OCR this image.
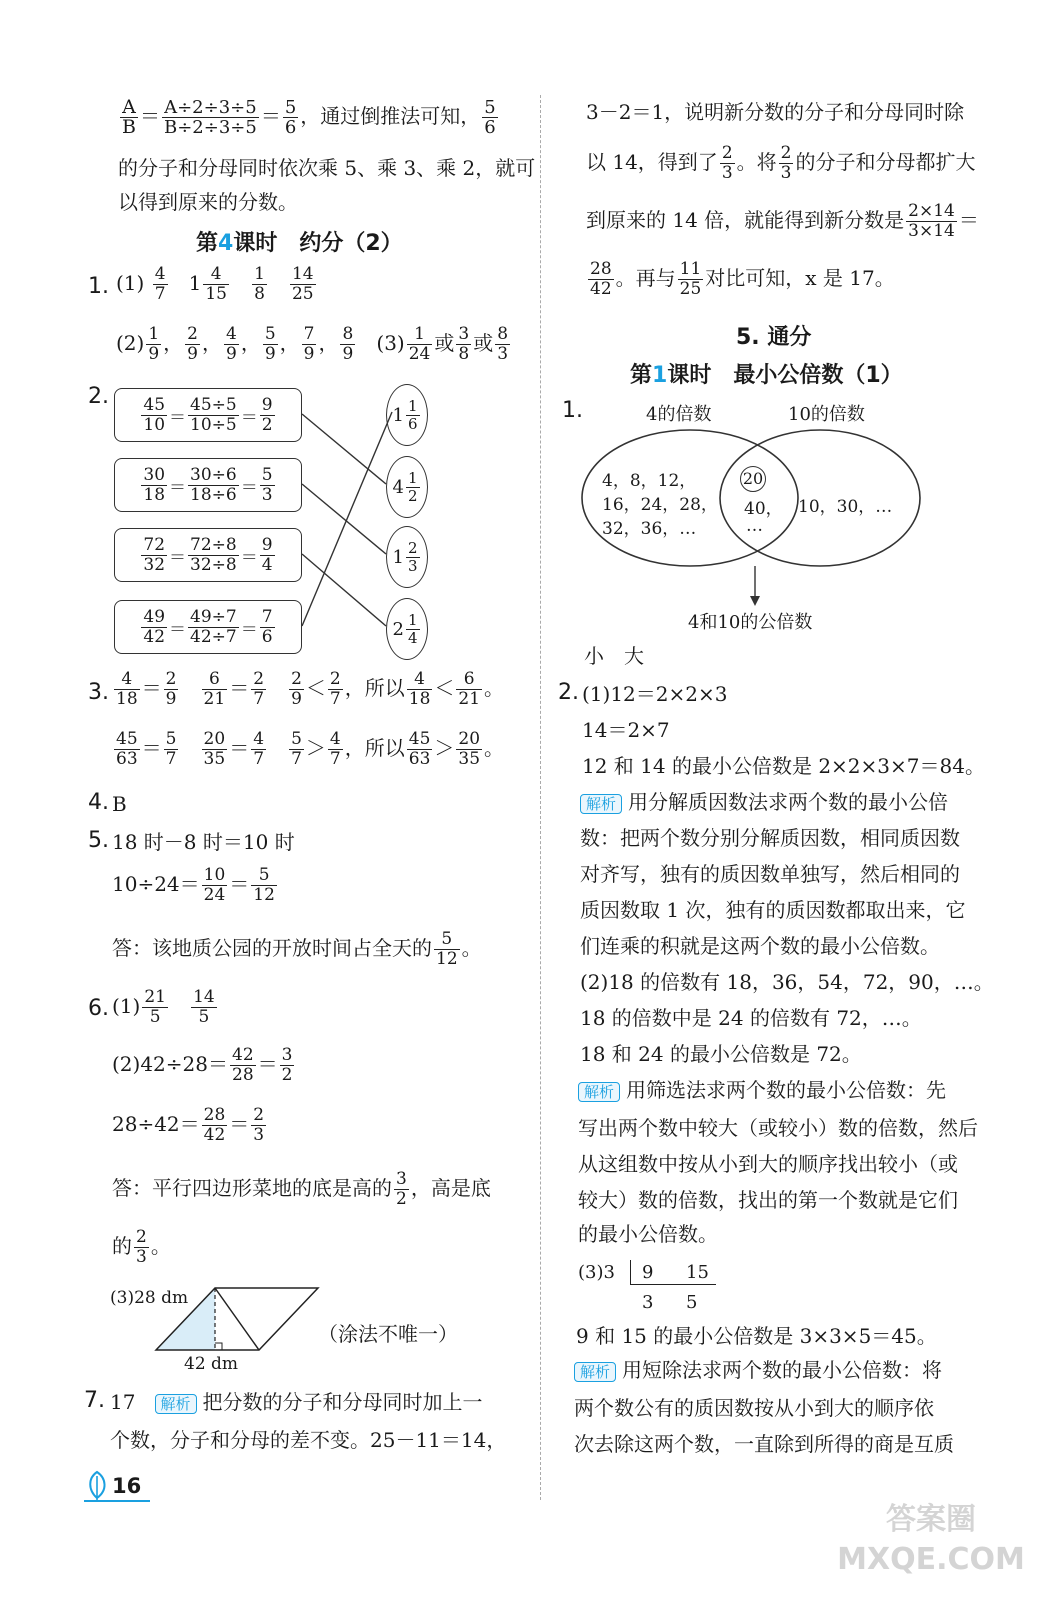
$\frac{A}{B} = \frac{A\div 2\div 3\div 5}{B\div 2\div 3\div 5} = \frac{5}{6}$ ，通过倒推法可知， $\frac{5}{6}$
的分子和分母同时依次乘 5、乘 3、乘 2，就可
以得到原来的分数。
第4课时　约分（2）
1. $(1) \frac{4}{7} 1 \frac{4}{15}$
$\frac{1}{8}$
$\frac{14}{25}$
$(2) \frac{1}{9}$ ， $\frac{2}{9}$ ， $\frac{4}{9}$ ， $\frac{5}{9}$ ， $\frac{7}{9}$ ， $\frac{8}{9} (3) \frac{1}{24}$ 或 $\frac{3}{8}$ 或 $\frac{8}{3}$
2. 45
10 ＝
45÷5
10÷5 ＝
9
2
30
18 ＝
30÷6
18÷6 ＝
5
3
72
32 ＝
72÷8
32÷8 ＝
9
4
49
42 ＝
49÷7
42÷7 ＝
7
6
1 1
6
4 1
2
1 2
3
2 1
4
3. $\frac{4}{18} = \frac{2}{9}$
$\frac{6}{21} = \frac{2}{7}$
$\frac{2}{9} < \frac{2}{7}$ ，所以 $\frac{4}{18} < \frac{6}{21}$ 。
$\frac{45}{63} = \frac{5}{7}$
$\frac{20}{35} = \frac{4}{7}$
$\frac{5}{7} > \frac{4}{7}$ ，所以 $\frac{45}{63} > \frac{20}{35}$ 。
4. B
5. 18 时－8 时＝10 时
$10\div 24= \frac{10}{24} = \frac{5}{12}$
答：该地质公园的开放时间占全天的 $\frac{5}{12}$ 。
6. $(1) \frac{21}{5}$
$\frac{14}{5}$
$(2)42\div 28= \frac{42}{28} = \frac{3}{2}$
$28\div 42= \frac{28}{42} = \frac{2}{3}$
答：平行四边形菜地的底是高的 $\frac{3}{2}$ ，高是底
的 $\frac{2}{3}$ 。
(3)28 dm
42 dm
（涂法不唯一）
7. 17 解析 把分数的分子和分母同时加上一
个数，分子和分母的差不变。25－11＝14，
16
3－2＝1，说明新分数的分子和分母同时除
以 14，得到了 $\frac{2}{3}$ 。将 $\frac{2}{3}$ 的分子和分母都扩大
到原来的 14 倍，就能得到新分数是 $\frac{2\times 14}{3\times 14}$ ＝
$\frac{28}{42}$ 。再与 $\frac{11}{25}$ 对比可知，x 是 17。
5. 通分
第1课时　最小公倍数（1）
1.	4的倍数	10的倍数
4，8，12，
16，24，28，
32，36，…
20
40，
…
10，30，…
4和10的公倍数
小　大
2. (1)12＝2×2×3
14＝2×7
12 和 14 的最小公倍数是 2×2×3×7＝84。
解析 用分解质因数法求两个数的最小公倍
数：把两个数分别分解质因数，相同质因数
对齐写，独有的质因数单独写，然后相同的
质因数取 1 次，独有的质因数都取出来，它
们连乘的积就是这两个数的最小公倍数。
(2)18 的倍数有 18，36，54，72，90，…。
18 的倍数中是 24 的倍数有 72，…。
18 和 24 的最小公倍数是 72。
解析 用筛选法求两个数的最小公倍数：先
写出两个数中较大（或较小）数的倍数，然后
从这组数中按从小到大的顺序找出较小（或
较大）数的倍数，找出的第一个数就是它们
的最小公倍数。
(3)3 9 15
3 5
9 和 15 的最小公倍数是 3×3×5＝45。
解析 用短除法求两个数的最小公倍数：将
两个数公有的质因数按从小到大的顺序依
次去除这两个数，一直除到所得的商是互质
答案圈 MXQE.COM
